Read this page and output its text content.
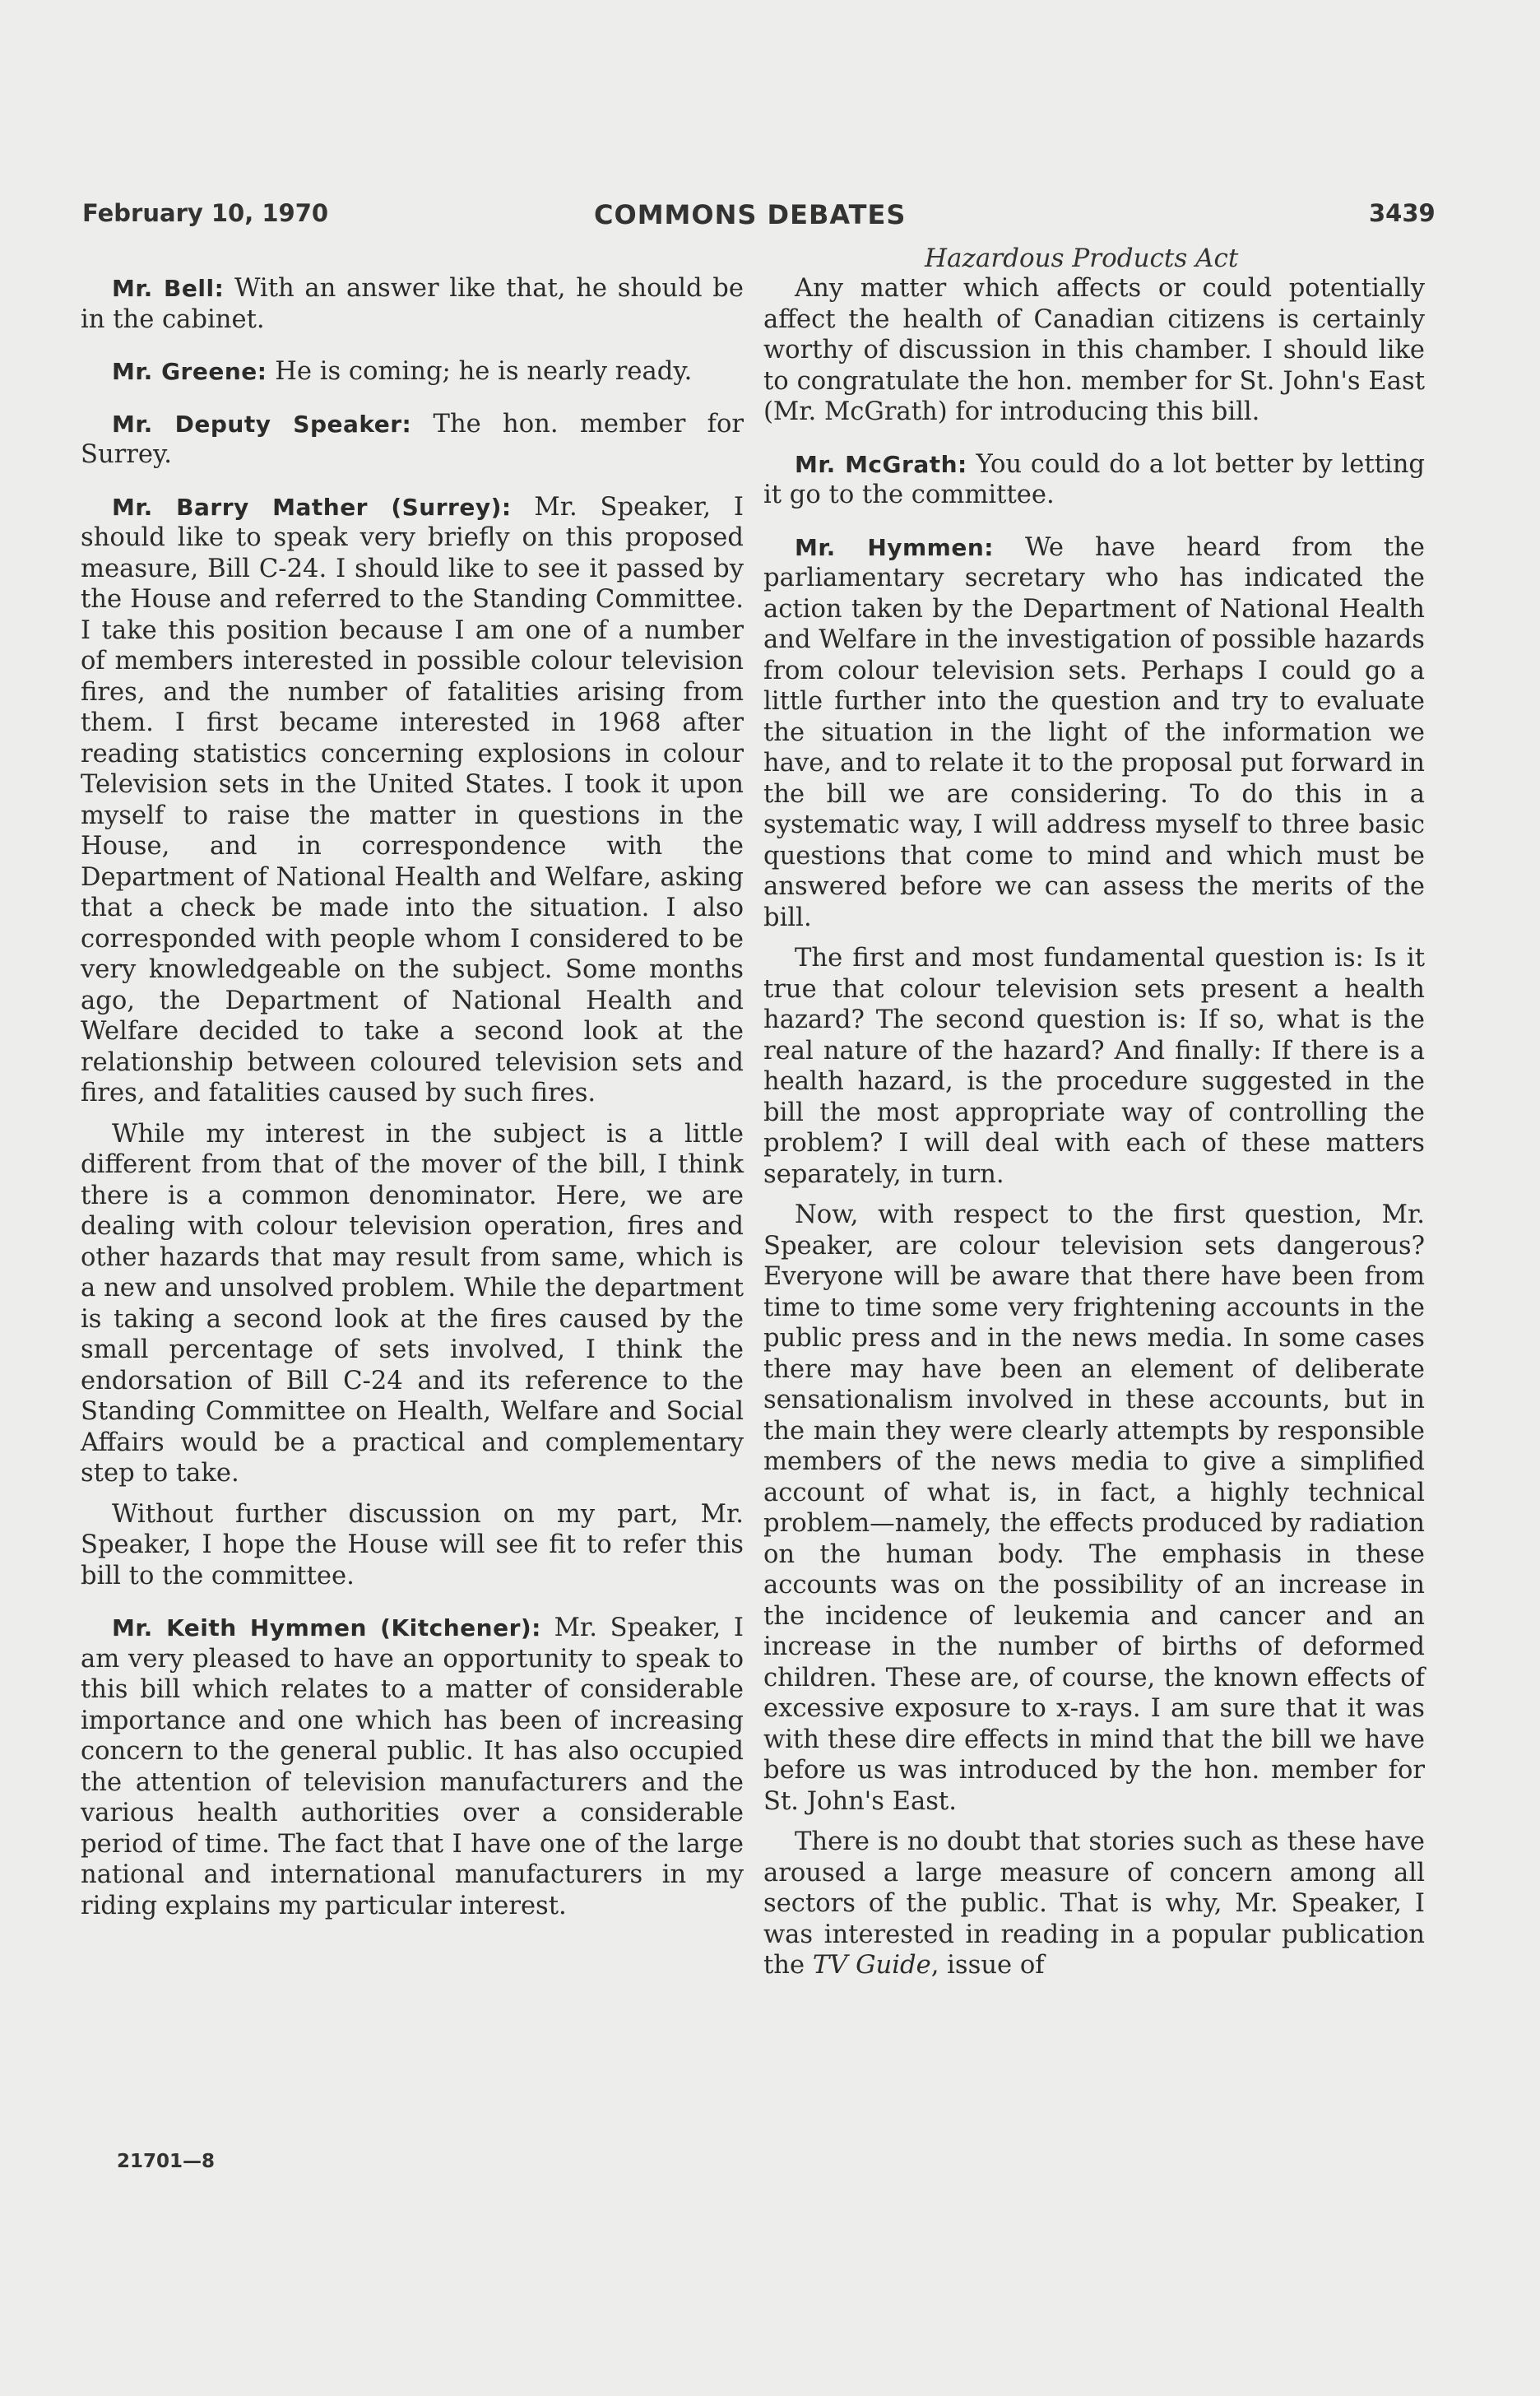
February 10, 1970	COMMONS DEBATES	3439
Hazardous Products Act

Mr. Bell: With an answer like that, he should be in the cabinet.

Mr. Greene: He is coming; he is nearly ready.

Mr. Deputy Speaker: The hon. member for Surrey.

Mr. Barry Mather (Surrey): Mr. Speaker, I should like to speak very briefly on this proposed measure, Bill C-24. I should like to see it passed by the House and referred to the Standing Committee. I take this position because I am one of a number of members interested in possible colour television fires, and the number of fatalities arising from them. I first became interested in 1968 after reading statistics concerning explosions in colour Television sets in the United States. I took it upon myself to raise the matter in questions in the House, and in correspondence with the Department of National Health and Welfare, asking that a check be made into the situation. I also corresponded with people whom I considered to be very knowledgeable on the subject. Some months ago, the Department of National Health and Welfare decided to take a second look at the relationship between coloured television sets and fires, and fatalities caused by such fires.

While my interest in the subject is a little different from that of the mover of the bill, I think there is a common denominator. Here, we are dealing with colour television operation, fires and other hazards that may result from same, which is a new and unsolved problem. While the department is taking a second look at the fires caused by the small percentage of sets involved, I think the endorsation of Bill C-24 and its reference to the Standing Committee on Health, Welfare and Social Affairs would be a practical and complementary step to take.

Without further discussion on my part, Mr. Speaker, I hope the House will see fit to refer this bill to the committee.

Mr. Keith Hymmen (Kitchener): Mr. Speaker, I am very pleased to have an opportunity to speak to this bill which relates to a matter of considerable importance and one which has been of increasing concern to the general public. It has also occupied the attention of television manufacturers and the various health authorities over a considerable period of time. The fact that I have one of the large national and international manufacturers in my riding explains my particular interest.

Any matter which affects or could potentially affect the health of Canadian citizens is certainly worthy of discussion in this chamber. I should like to congratulate the hon. member for St. John's East (Mr. McGrath) for introducing this bill.

Mr. McGrath: You could do a lot better by letting it go to the committee.

Mr. Hymmen: We have heard from the parliamentary secretary who has indicated the action taken by the Department of National Health and Welfare in the investigation of possible hazards from colour television sets. Perhaps I could go a little further into the question and try to evaluate the situation in the light of the information we have, and to relate it to the proposal put forward in the bill we are considering. To do this in a systematic way, I will address myself to three basic questions that come to mind and which must be answered before we can assess the merits of the bill.

The first and most fundamental question is: Is it true that colour television sets present a health hazard? The second question is: If so, what is the real nature of the hazard? And finally: If there is a health hazard, is the procedure suggested in the bill the most appropriate way of controlling the problem? I will deal with each of these matters separately, in turn.

Now, with respect to the first question, Mr. Speaker, are colour television sets dangerous? Everyone will be aware that there have been from time to time some very frightening accounts in the public press and in the news media. In some cases there may have been an element of deliberate sensationalism involved in these accounts, but in the main they were clearly attempts by responsible members of the news media to give a simplified account of what is, in fact, a highly technical problem—namely, the effects produced by radiation on the human body. The emphasis in these accounts was on the possibility of an increase in the incidence of leukemia and cancer and an increase in the number of births of deformed children. These are, of course, the known effects of excessive exposure to x-rays. I am sure that it was with these dire effects in mind that the bill we have before us was introduced by the hon. member for St. John's East.

There is no doubt that stories such as these have aroused a large measure of concern among all sectors of the public. That is why, Mr. Speaker, I was interested in reading in a popular publication the TV Guide, issue of

21701—8
